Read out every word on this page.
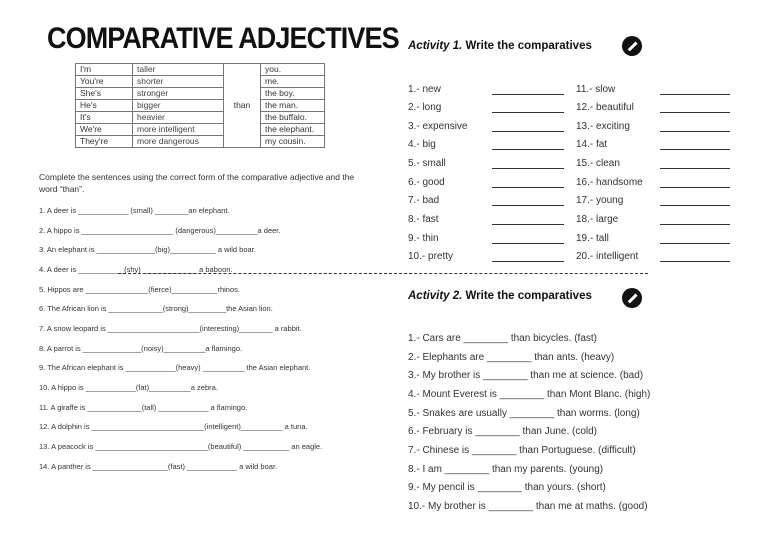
COMPARATIVE ADJECTIVES
I'm	taller	than	you.
You're	shorter		me.
She's	stronger		the boy.
He's	bigger		the man.
It's	heavier		the buffalo.
We're	more intelligent		the elephant.
They're	more dangerous		my cousin.
Complete the sentences using the correct form of the comparative adjective and the word “than”.
1. A deer is ____________ (small) ________an elephant.
2. A hippo is ______________________ (dangerous)__________a deer.
3. An elephant is ______________(big)___________ a wild boar.
4. A deer is ___________(shy) _____________ a baboon.
5. Hippos are _______________(fierce)___________rhinos.
6. The African lion is _____________(strong)_________the Asian lion.
7. A snow leopard is ______________________(interesting)________ a rabbit.
8. A parrot is ______________(noisy)__________a flamingo.
9. The African elephant is ____________(heavy) __________ the Asian elephant.
10. A hippo is ____________(fat)__________a zebra.
11. A giraffe is _____________(tall) ____________ a flamingo.
12. A dolphin is ___________________________(intelligent)__________ a tuna.
13. A peacock is ___________________________(beautiful) ___________ an eagle.
14. A panther is __________________(fast) ____________ a wild boar.
Activity 1. Write the comparatives
1.- new
2.- long
3.- expensive
4.- big
5.- small
6.- good
7.- bad
8.- fast
9.- thin
10.- pretty
11.- slow
12.- beautiful
13.- exciting
14.- fat
15.- clean
16.- handsome
17.- young
18.- large
19.- tall
20.- intelligent
Activity 2. Write the comparatives
1.- Cars are ________ than bicycles. (fast)
2.- Elephants are ________ than ants. (heavy)
3.- My brother is ________ than me at science. (bad)
4.- Mount Everest is ________ than Mont Blanc. (high)
5.- Snakes are usually ________ than worms. (long)
6.- February is ________ than June. (cold)
7.- Chinese is ________ than Portuguese. (difficult)
8.- I am ________ than my parents. (young)
9.- My pencil is ________ than yours. (short)
10.- My brother is ________ than me at maths. (good)
